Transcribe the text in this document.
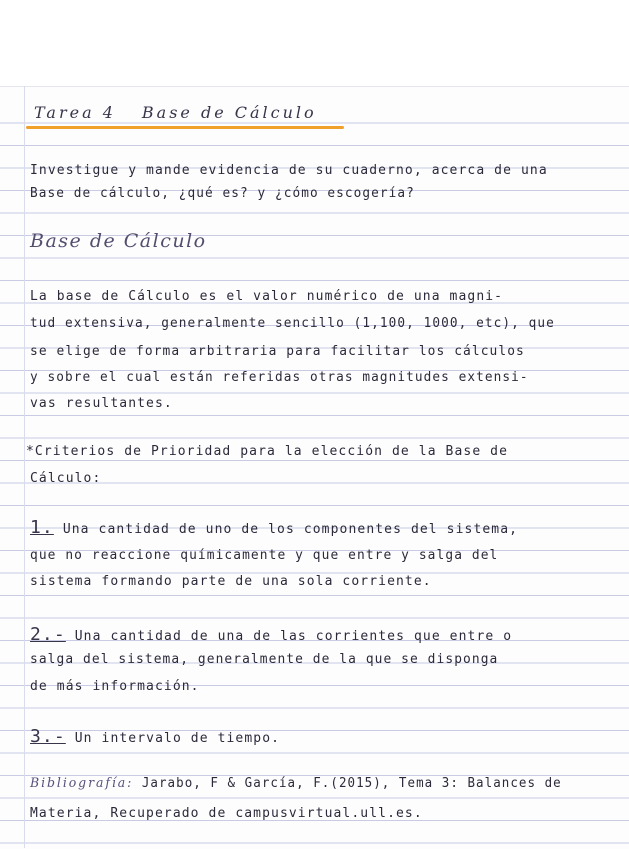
Tarea 4 Base de Cálculo
Investigue y mande evidencia de su cuaderno, acerca de una
Base de cálculo, ¿qué es? y ¿cómo escogería?
Base de Cálculo
La base de Cálculo es el valor numérico de una magni-
tud extensiva, generalmente sencillo (1,100, 1000, etc), que
se elige de forma arbitraria para facilitar los cálculos
y sobre el cual están referidas otras magnitudes extensi-
vas resultantes.
*Criterios de Prioridad para la elección de la Base de
Cálculo:
1. Una cantidad de uno de los componentes del sistema,
que no reaccione químicamente y que entre y salga del
sistema formando parte de una sola corriente.
2.- Una cantidad de una de las corrientes que entre o
salga del sistema, generalmente de la que se disponga
de más información.
3.- Un intervalo de tiempo.
Bibliografía: Jarabo, F & García, F.(2015), Tema 3: Balances de
Materia, Recuperado de campusvirtual.ull.es.
